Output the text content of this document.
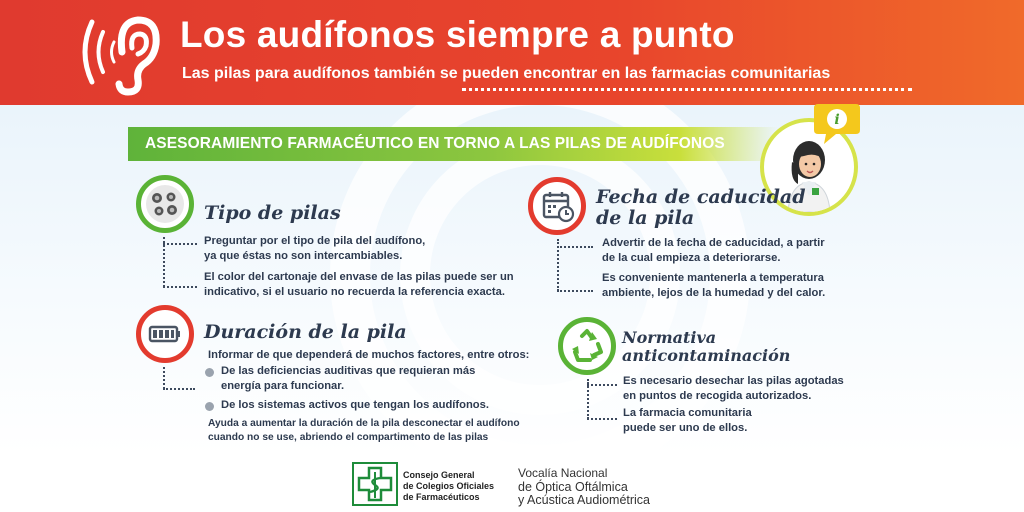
Los audífonos siempre a punto
Las pilas para audífonos también se pueden encontrar en las farmacias comunitarias
ASESORAMIENTO FARMACÉUTICO EN TORNO A LAS PILAS DE AUDÍFONOS
i
Tipo de pilas
Preguntar por el tipo de pila del audífono,
ya que éstas no son intercambiables.
El color del cartonaje del envase de las pilas puede ser un
indicativo, si el usuario no recuerda la referencia exacta.
Fecha de caducidad
de la pila
Advertir de la fecha de caducidad, a partir
de la cual empieza a deteriorarse.
Es conveniente mantenerla a temperatura
ambiente, lejos de la humedad y del calor.
Duración de la pila
Informar de que dependerá de muchos factores, entre otros:
De las deficiencias auditivas que requieran más
energía para funcionar.
De los sistemas activos que tengan los audífonos.
Ayuda a aumentar la duración de la pila desconectar el audífono
cuando no se use, abriendo el compartimento de las pilas
Normativa
anticontaminación
Es necesario desechar las pilas agotadas
en puntos de recogida autorizados.
La farmacia comunitaria
puede ser uno de ellos.
Consejo General
de Colegios Oficiales
de Farmacéuticos
Vocalía Nacional
de Óptica Oftálmica
y Acústica Audiométrica
